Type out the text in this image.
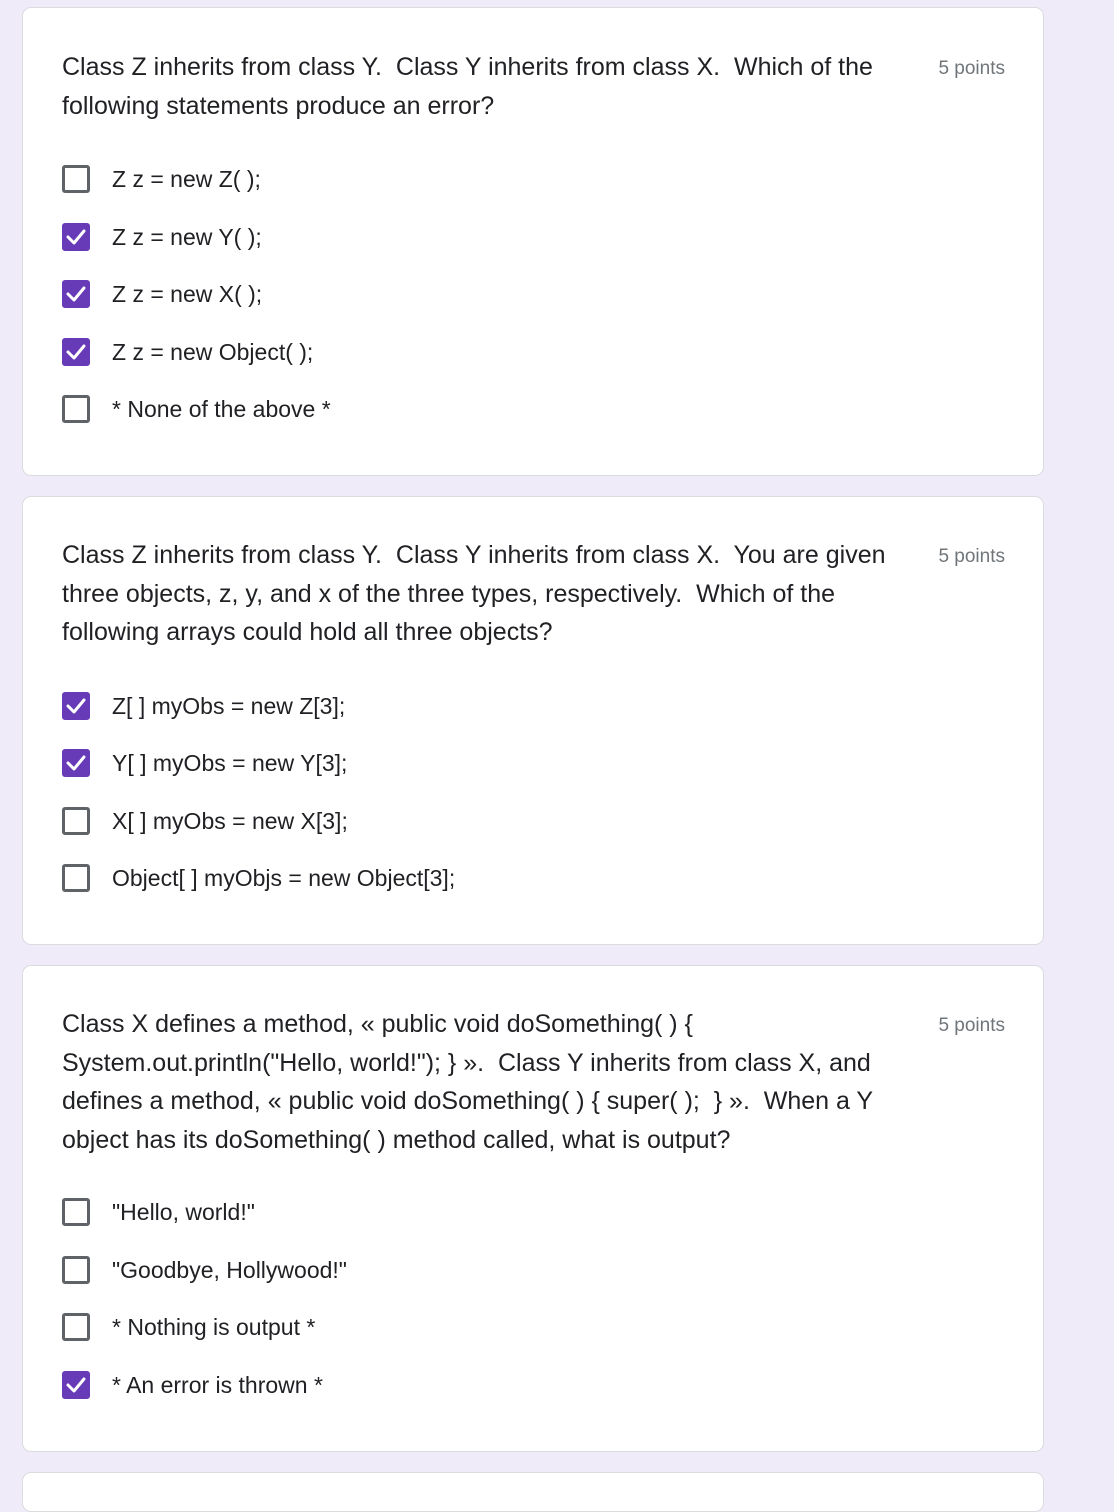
Class Z inherits from class Y.  Class Y inherits from class X.  Which of the following statements produce an error?
5 points
Z z = new Z( );
Z z = new Y( );
Z z = new X( );
Z z = new Object( );
* None of the above *
Class Z inherits from class Y.  Class Y inherits from class X.  You are given three objects, z, y, and x of the three types, respectively.  Which of the following arrays could hold all three objects?
5 points
Z[ ] myObs = new Z[3];
Y[ ] myObs = new Y[3];
X[ ] myObs = new X[3];
Object[ ] myObjs = new Object[3];
Class X defines a method, « public void doSomething( ) { System.out.println("Hello, world!"); } ».  Class Y inherits from class X, and defines a method, « public void doSomething( ) { super( );  } ».  When a Y object has its doSomething( ) method called, what is output?
5 points
"Hello, world!"
"Goodbye, Hollywood!"
* Nothing is output *
* An error is thrown *
